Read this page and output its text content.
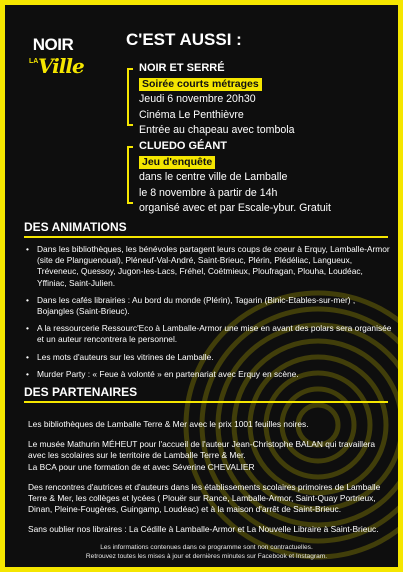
NOIR
LA Ville
C'EST AUSSI :
NOIR ET SERRÉ
Soirée courts métrages
Jeudi 6 novembre 20h30
Cinéma Le Penthièvre
Entrée au chapeau avec tombola
CLUEDO GÉANT
Jeu d'enquête
dans le centre ville de Lamballe
le 8 novembre à partir de 14h
organisé avec et par Escale-ybur. Gratuit
DES ANIMATIONS
• Dans les bibliothèques, les bénévoles partagent leurs coups de coeur à Erquy, Lamballe-Armor (site de Planguenoual), Pléneuf-Val-André, Saint-Brieuc, Plérin, Plédéliac, Langueux, Tréveneuc, Quessoy, Jugon-les-Lacs, Fréhel, Coëtmieux, Ploufragan, Plouha, Loudéac, Yffiniac, Saint-Julien.
• Dans les cafés librairies : Au bord du monde (Plérin), Tagarin (Binic-Etables-sur-mer) , Bojangles (Saint-Brieuc).
• A la ressourcerie Ressourc'Eco à Lamballe-Armor une mise en avant des polars sera organisée et un auteur rencontrera le personnel.
• Les mots d'auteurs sur les vitrines de Lamballe.
• Murder Party : « Feue à volonté » en partenariat avec Erquy en scène.
DES PARTENAIRES

Les bibliothèques de Lamballe Terre & Mer avec le prix 1001 feuilles noires.

Le musée Mathurin MÉHEUT pour l'accueil de l'auteur Jean-Christophe BALAN qui travaillera avec les scolaires sur le territoire de Lamballe Terre & Mer.

La BCA pour une formation de et avec Séverine CHEVALIER

Des rencontres d'autrices et d'auteurs dans les établissements scolaires primoires de Lamballe Terre & Mer, les collèges et lycées ( Plouër sur Rance, Lamballe-Armor, Saint-Quay Portrieux, Dinan, Pleine-Fougères, Guingamp, Loudéac) et à la maison d'arrêt de Saint-Brieuc.

Sans oublier nos libraires : La Cédille à Lamballe-Armor et La Nouvelle Libraire à Saint-Brieuc.

Les informations contenues dans ce programme sont non contractuelles.
Retrouvez toutes les mises à jour et dernières minutes sur Facebook et Instagram.
